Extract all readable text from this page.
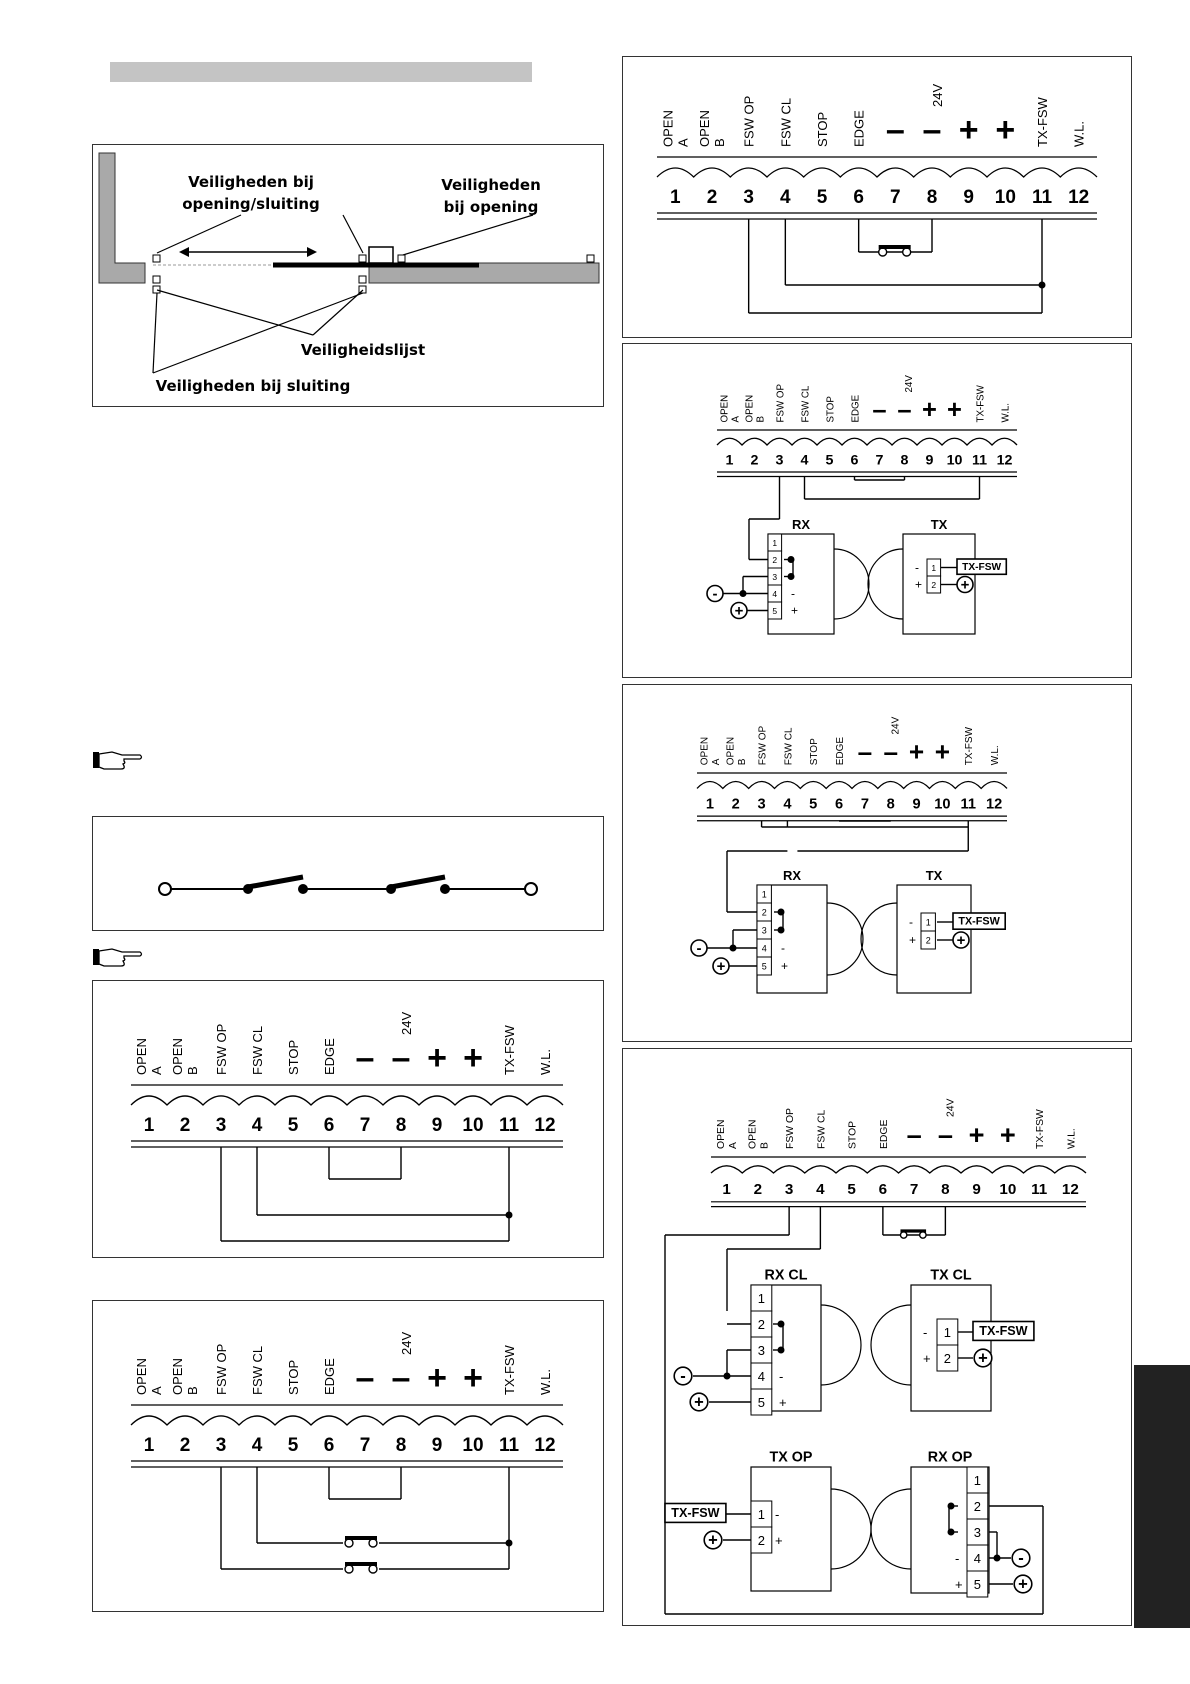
Veiligheden bij
opening/sluiting
Veiligheden
bij opening
Veiligheidslijst
Veiligheden bij sluiting
OPEN A OPEN B FSW OP FSW CL STOP EDGE – – + + TX-FSW W.L.
24V
1 2 3 4 5 6 7 8 9 10 11 12
OPEN A OPEN B FSW OP FSW CL STOP EDGE – – + + TX-FSW W.L.
24V
1 2 3 4 5 6 7 8 9 10 11 12
OPEN A OPEN B FSW OP FSW CL STOP EDGE – – + + TX-FSW W.L.
24V
1 2 3 4 5 6 7 8 9 10 11 12
OPEN A OPEN B FSW OP FSW CL STOP EDGE – – + + TX-FSW W.L.
24V
1 2 3 4 5 6 7 8 9 10 11 12
RX
1
2
3
4
5
-
+
-
+
TX
1
2
-
+
TX-FSW
+
OPEN A OPEN B FSW OP FSW CL STOP EDGE – – + + TX-FSW W.L.
24V
1 2 3 4 5 6 7 8 9 10 11 12
RX
1
2
3
4
5
-
+
-
+
TX
1
2
-
+
TX-FSW
+
OPEN A OPEN B FSW OP FSW CL STOP EDGE – – + + TX-FSW W.L.
24V
1 2 3 4 5 6 7 8 9 10 11 12
RX CL
1
2
3
4
5
-
+
-
+
TX CL
1
2
-
+
TX-FSW
+
TX OP
1
2
-
+
TX-FSW
+
RX OP
1
2
3
4
5
-
+
-
+
